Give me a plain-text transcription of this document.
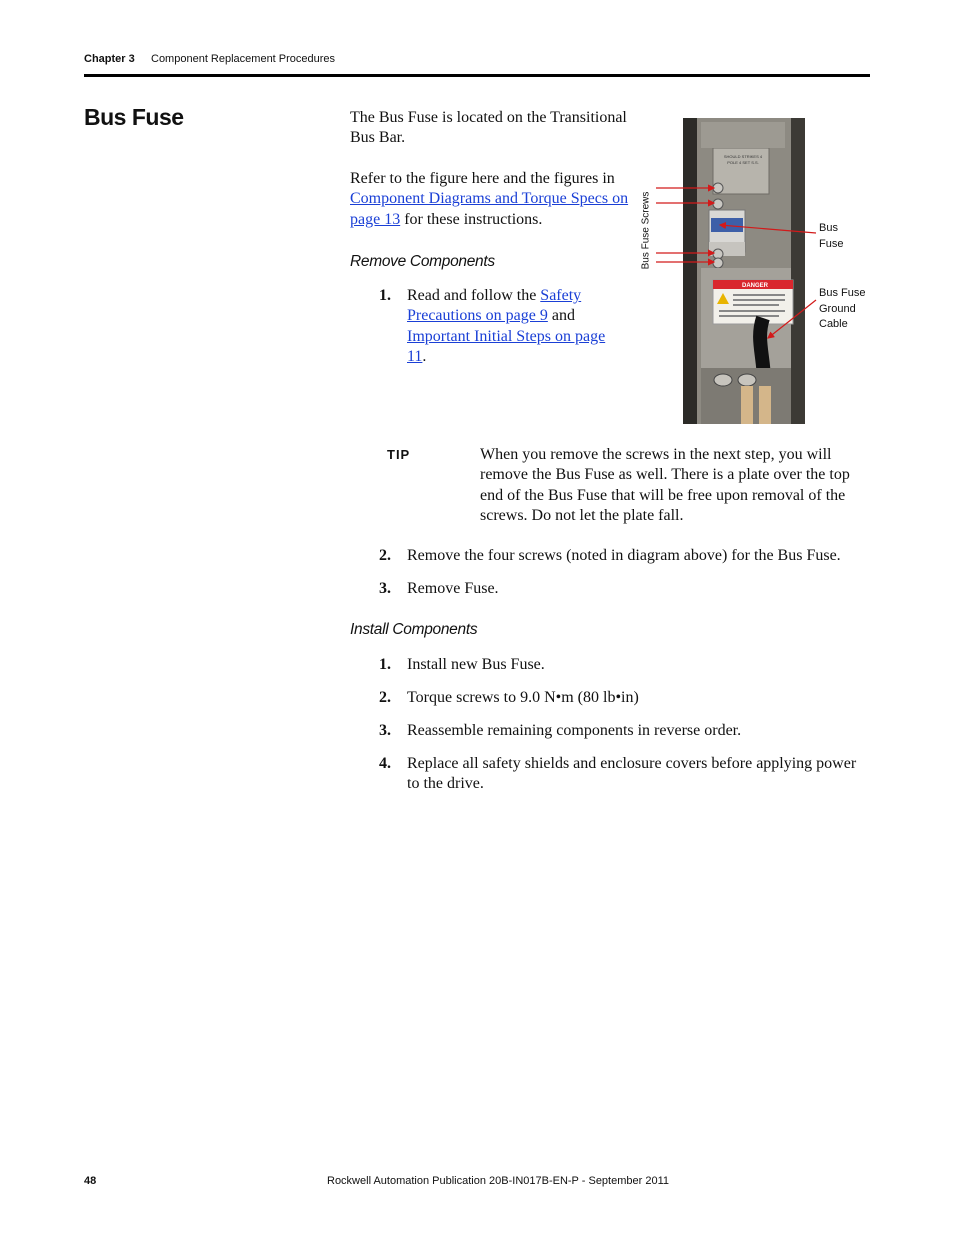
Chapter 3 Component Replacement Procedures
Bus Fuse	The Bus Fuse is located on the Transitional Bus Bar.
Refer to the figure here and the figures in Component Diagrams and Torque Specs on page 13 for these instructions.
Remove Components
1.	Read and follow the Safety Precautions on page 9 and Important Initial Steps on page 11.
Bus Fuse Screws
SHOULD STRIKES 4
POLE 4 SET S.S.
DANGER
Bus
Fuse
Bus Fuse
Ground
Cable
TIP	When you remove the screws in the next step, you will remove the Bus Fuse as well. There is a plate over the top end of the Bus Fuse that will be free upon removal of the screws. Do not let the plate fall.
2.	Remove the four screws (noted in diagram above) for the Bus Fuse.
3.	Remove Fuse.
Install Components
1.	Install new Bus Fuse.
2.	Torque screws to 9.0 N•m (80 lb•in)
3.	Reassemble remaining components in reverse order.
4.	Replace all safety shields and enclosure covers before applying power to the drive.
48	Rockwell Automation Publication 20B-IN017B-EN-P - September 2011
